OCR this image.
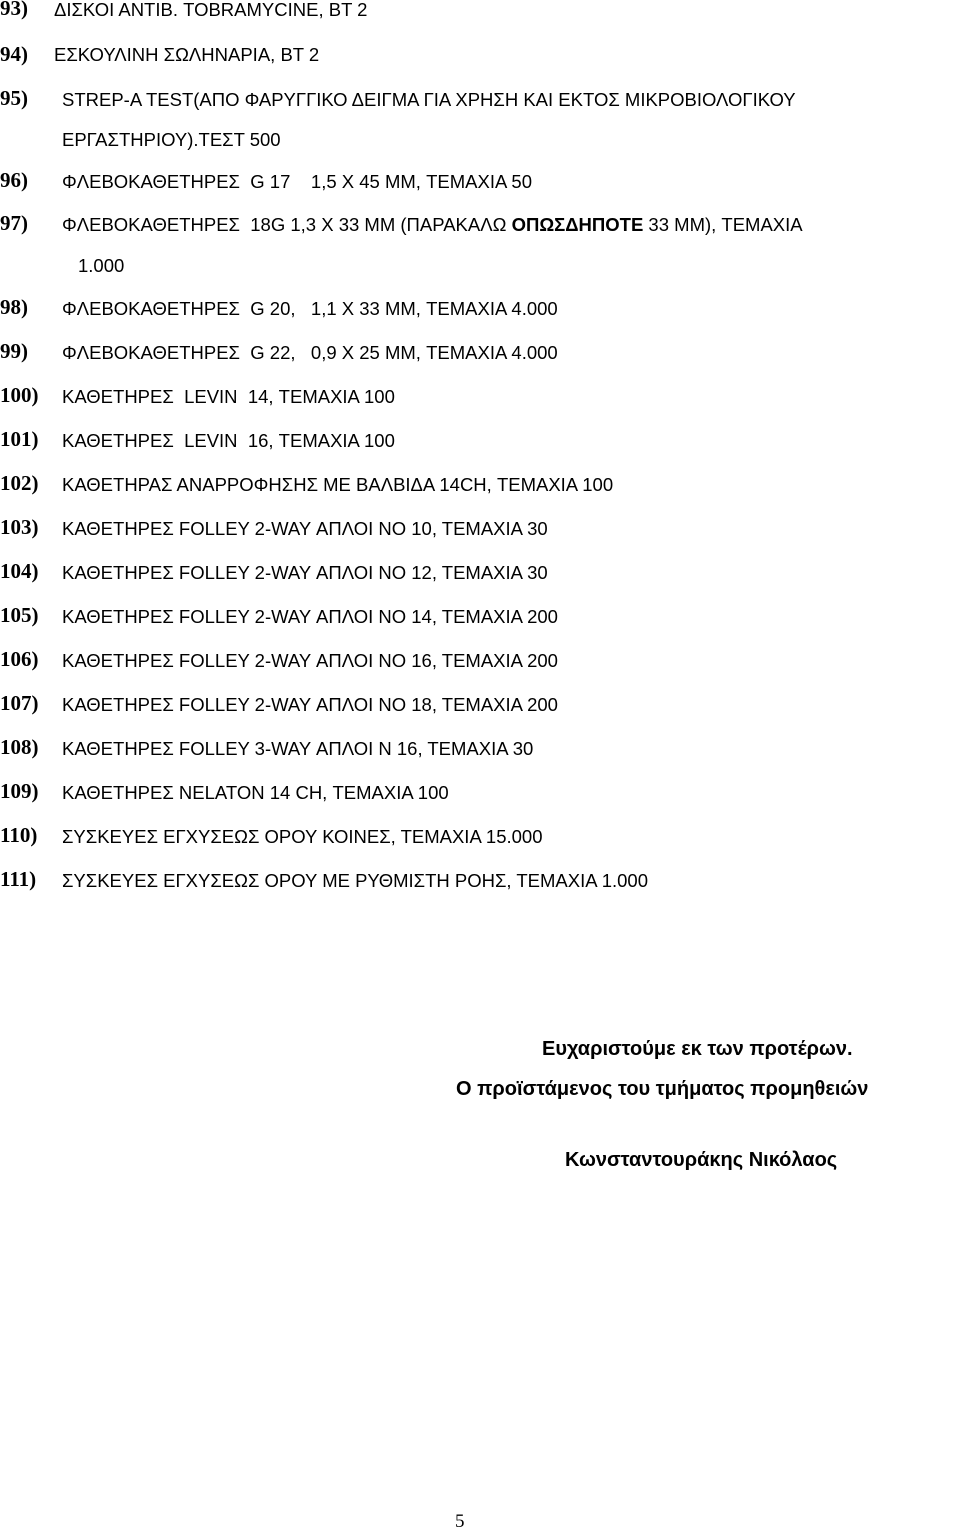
93) ΔΙΣΚΟΙ ΑΝΤΙΒ. TOBRAMYCINE, BT 2
94) ΕΣΚΟΥΛΙΝΗ ΣΩΛΗΝΑΡΙΑ, ΒΤ 2
95) STREP-A TEST(ΑΠΟ ΦΑΡΥΓΓΙΚΟ ΔΕΙΓΜΑ ΓΙΑ ΧΡΗΣΗ ΚΑΙ ΕΚΤΟΣ ΜΙΚΡΟΒΙΟΛΟΓΙΚΟΥ
ΕΡΓΑΣΤΗΡΙΟΥ).ΤΕΣΤ 500
96) ΦΛΕΒΟΚΑΘΕΤΗΡΕΣ  G 17    1,5 X 45 MM, ΤΕΜΑΧΙΑ 50
97) ΦΛΕΒΟΚΑΘΕΤΗΡΕΣ  18G 1,3 X 33 MM (ΠΑΡΑΚΑΛΩ ΟΠΩΣΔΗΠΟΤΕ 33 MM), ΤΕΜΑΧΙΑ
1.000
98) ΦΛΕΒΟΚΑΘΕΤΗΡΕΣ  G 20,   1,1 X 33 MM, ΤΕΜΑΧΙΑ 4.000
99) ΦΛΕΒΟΚΑΘΕΤΗΡΕΣ  G 22,   0,9 X 25 MM, ΤΕΜΑΧΙΑ 4.000
100) ΚΑΘΕΤΗΡΕΣ  LEVIN  14, ΤΕΜΑΧΙΑ 100
101) ΚΑΘΕΤΗΡΕΣ  LEVIN  16, ΤΕΜΑΧΙΑ 100
102) ΚΑΘΕΤΗΡΑΣ ΑΝΑΡΡΟΦΗΣΗΣ ΜΕ ΒΑΛΒΙΔΑ 14CH, ΤΕΜΑΧΙΑ 100
103) ΚΑΘΕΤΗΡΕΣ FOLLEY 2-WAY ΑΠΛΟΙ ΝΟ 10, ΤΕΜΑΧΙΑ 30
104) ΚΑΘΕΤΗΡΕΣ FOLLEY 2-WAY ΑΠΛΟΙ ΝΟ 12, ΤΕΜΑΧΙΑ 30
105) ΚΑΘΕΤΗΡΕΣ FOLLEY 2-WAY ΑΠΛΟΙ ΝΟ 14, ΤΕΜΑΧΙΑ 200
106) ΚΑΘΕΤΗΡΕΣ FOLLEY 2-WAY ΑΠΛΟΙ ΝΟ 16, ΤΕΜΑΧΙΑ 200
107) ΚΑΘΕΤΗΡΕΣ FOLLEY 2-WAY ΑΠΛΟΙ ΝΟ 18, ΤΕΜΑΧΙΑ 200
108) ΚΑΘΕΤΗΡΕΣ FOLLEY 3-WAY ΑΠΛΟΙ Ν 16, ΤΕΜΑΧΙΑ 30
109) ΚΑΘΕΤΗΡΕΣ NELATON 14 CH, ΤΕΜΑΧΙΑ 100
110) ΣΥΣΚΕΥΕΣ ΕΓΧΥΣΕΩΣ ΟΡΟΥ ΚΟΙΝΕΣ, ΤΕΜΑΧΙΑ 15.000
111) ΣΥΣΚΕΥΕΣ ΕΓΧΥΣΕΩΣ ΟΡΟΥ ΜΕ ΡΥΘΜΙΣΤΗ ΡΟΗΣ, ΤΕΜΑΧΙΑ 1.000
Ευχαριστούμε εκ των προτέρων.
Ο προϊστάμενος του τμήματος προμηθειών
Κωνσταντουράκης Νικόλαος
5
